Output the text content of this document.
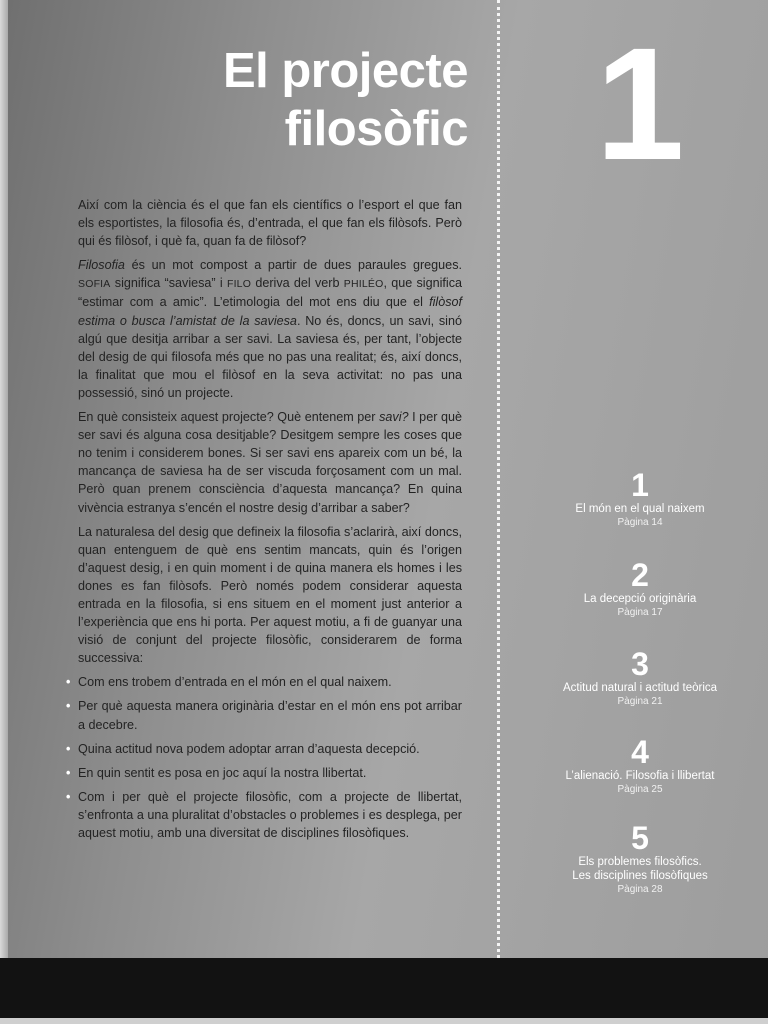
El projecte
filosòfic 1

Així com la ciència és el que fan els científics o l’esport el que fan els esportistes, la filosofia és, d’entrada, el que fan els filòsofs. Però qui és filòsof, i què fa, quan fa de filòsof?

Filosofia és un mot compost a partir de dues paraules gregues. SOFIA significa “saviesa” i FILO deriva del verb PHILÉO, que significa “estimar com a amic”. L’etimologia del mot ens diu que el filòsof estima o busca l’amistat de la saviesa. No és, doncs, un savi, sinó algú que desitja arribar a ser savi. La saviesa és, per tant, l’objecte del desig de qui filosofa més que no pas una realitat; és, així doncs, la finalitat que mou el filòsof en la seva activitat: no pas una possessió, sinó un projecte.

En què consisteix aquest projecte? Què entenem per savi? I per què ser savi és alguna cosa desitjable? Desitgem sempre les coses que no tenim i considerem bones. Si ser savi ens apareix com un bé, la mancança de saviesa ha de ser viscuda forçosament com un mal. Però quan prenem consciència d’aquesta mancança? En quina vivència estranya s’encén el nostre desig d’arribar a saber?

La naturalesa del desig que defineix la filosofia s’aclarirà, així doncs, quan entenguem de què ens sentim mancats, quin és l’origen d’aquest desig, i en quin moment i de quina manera els homes i les dones es fan filòsofs. Però només podem considerar aquesta entrada en la filosofia, si ens situem en el moment just anterior a l’experiència que ens hi porta. Per aquest motiu, a fi de guanyar una visió de conjunt del projecte filosòfic, considerarem de forma successiva:

• Com ens trobem d’entrada en el món en el qual naixem.
• Per què aquesta manera originària d’estar en el món ens pot arribar a decebre.
• Quina actitud nova podem adoptar arran d’aquesta decepció.
• En quin sentit es posa en joc aquí la nostra llibertat.
• Com i per què el projecte filosòfic, com a projecte de llibertat, s’enfronta a una pluralitat d’obstacles o problemes i es desplega, per aquest motiu, amb una diversitat de disciplines filosòfiques.
1
El món en el qual naixem
Pàgina 14
2
La decepció originària
Pàgina 17
3
Actitud natural i actitud teòrica
Pàgina 21
4
L’alienació. Filosofia i llibertat
Pàgina 25
5
Els problemes filosòfics.
Les disciplines filosòfiques
Pàgina 28
